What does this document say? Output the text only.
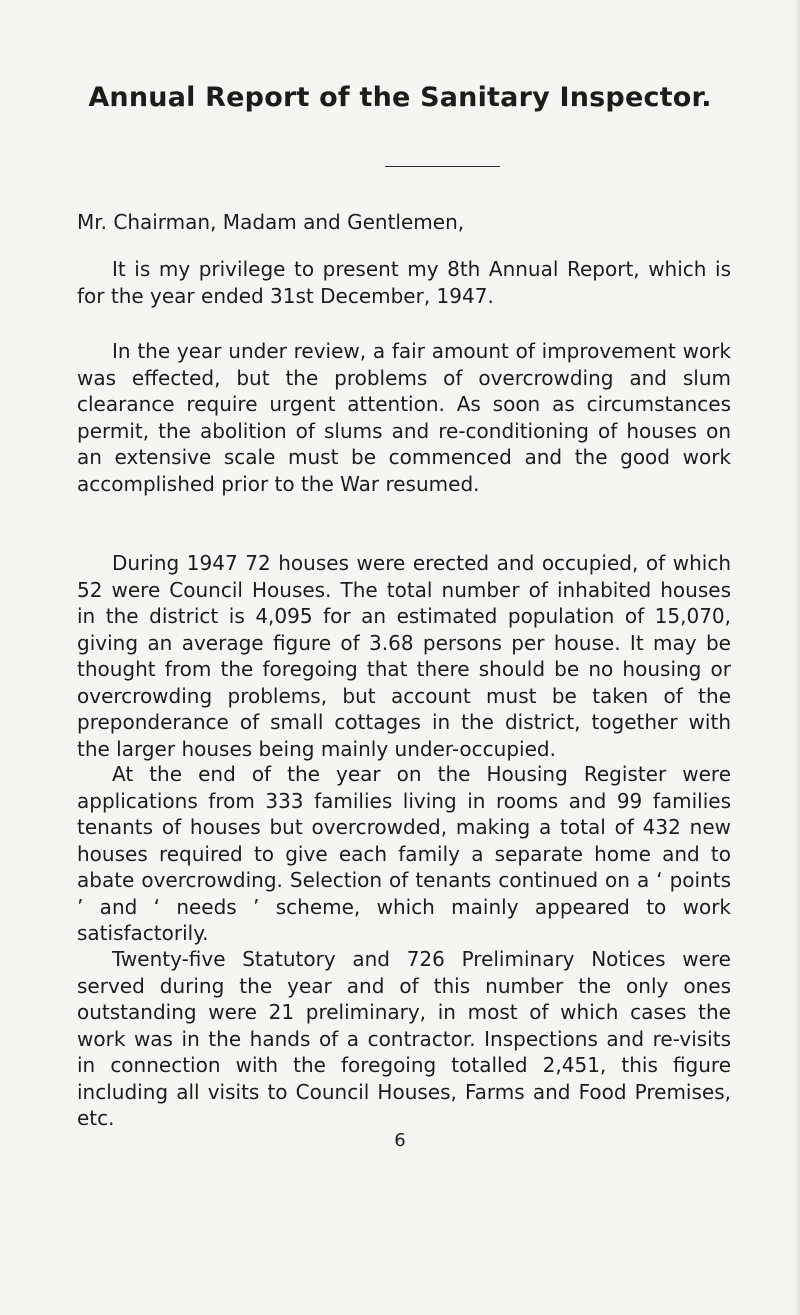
Annual Report of the Sanitary Inspector.

Mr. Chairman, Madam and Gentlemen,

It is my privilege to present my 8th Annual Report, which is for the year ended 31st December, 1947.

In the year under review, a fair amount of improvement work was effected, but the problems of overcrowding and slum clearance require urgent attention. As soon as circumstances permit, the abolition of slums and re-conditioning of houses on an extensive scale must be commenced and the good work accomplished prior to the War resumed.

During 1947 72 houses were erected and occupied, of which 52 were Council Houses. The total number of inhabited houses in the district is 4,095 for an estimated population of 15,070, giving an average figure of 3.68 persons per house. It may be thought from the foregoing that there should be no housing or overcrowding problems, but account must be taken of the preponderance of small cottages in the district, together with the larger houses being mainly under-occupied.

At the end of the year on the Housing Register were applications from 333 families living in rooms and 99 families tenants of houses but overcrowded, making a total of 432 new houses required to give each family a separate home and to abate overcrowding. Selection of tenants continued on a ‘ points ’ and ‘ needs ’ scheme, which mainly appeared to work satisfactorily.

Twenty-five Statutory and 726 Preliminary Notices were served during the year and of this number the only ones outstanding were 21 preliminary, in most of which cases the work was in the hands of a contractor. Inspections and re-visits in connection with the foregoing totalled 2,451, this figure including all visits to Council Houses, Farms and Food Premises, etc.

6
